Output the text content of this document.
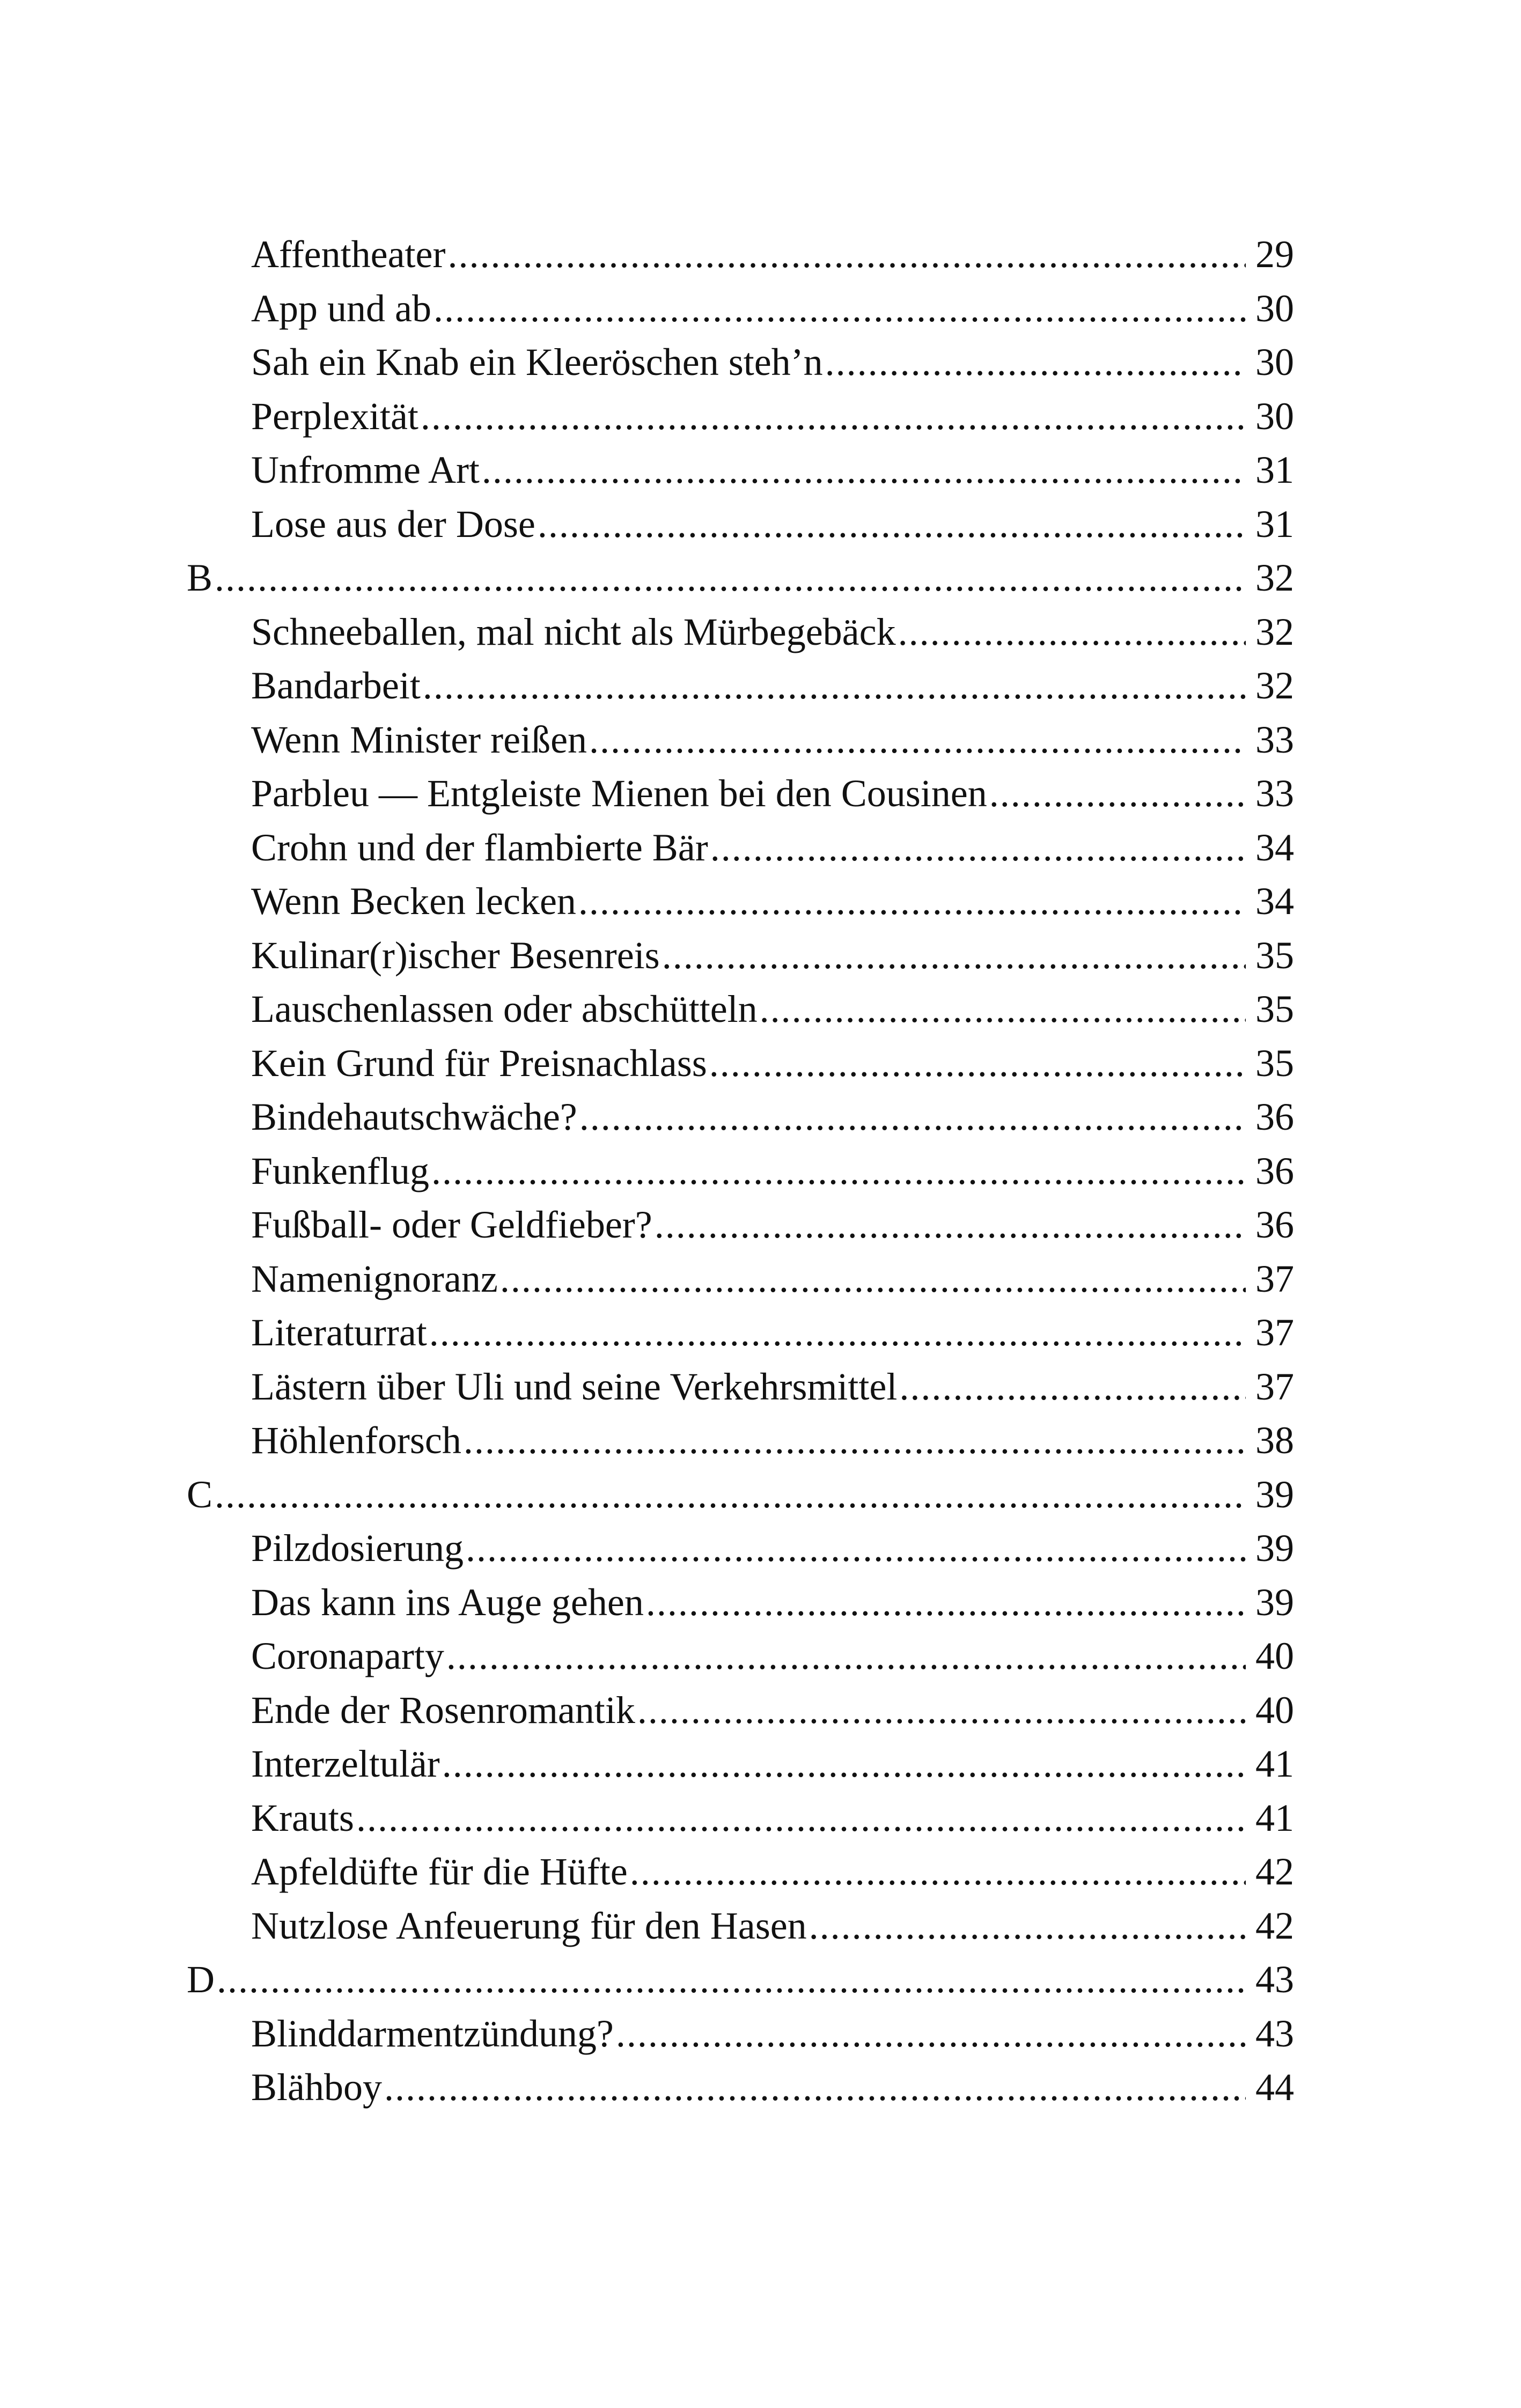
Affentheater .....	29
App und ab .....	30
Sah ein Knab ein Kleeröschen steh’n .....	30
Perplexität .....	30
Unfromme Art .....	31
Lose aus der Dose .....	31
B .....	32
Schneeballen, mal nicht als Mürbegebäck .....	32
Bandarbeit .....	32
Wenn Minister reißen .....	33
Parbleu — Entgleiste Mienen bei den Cousinen .....	33
Crohn und der flambierte Bär .....	34
Wenn Becken lecken .....	34
Kulinar(r)ischer Besenreis .....	35
Lauschenlassen oder abschütteln .....	35
Kein Grund für Preisnachlass .....	35
Bindehautschwäche? .....	36
Funkenflug .....	36
Fußball- oder Geldfieber? .....	36
Namenignoranz .....	37
Literaturrat .....	37
Lästern über Uli und seine Verkehrsmittel .....	37
Höhlenforsch .....	38
C .....	39
Pilzdosierung .....	39
Das kann ins Auge gehen .....	39
Coronaparty .....	40
Ende der Rosenromantik .....	40
Interzeltulär .....	41
Krauts .....	41
Apfeldüfte für die Hüfte .....	42
Nutzlose Anfeuerung für den Hasen .....	42
D .....	43
Blinddarmentzündung? .....	43
Blähboy .....	44
